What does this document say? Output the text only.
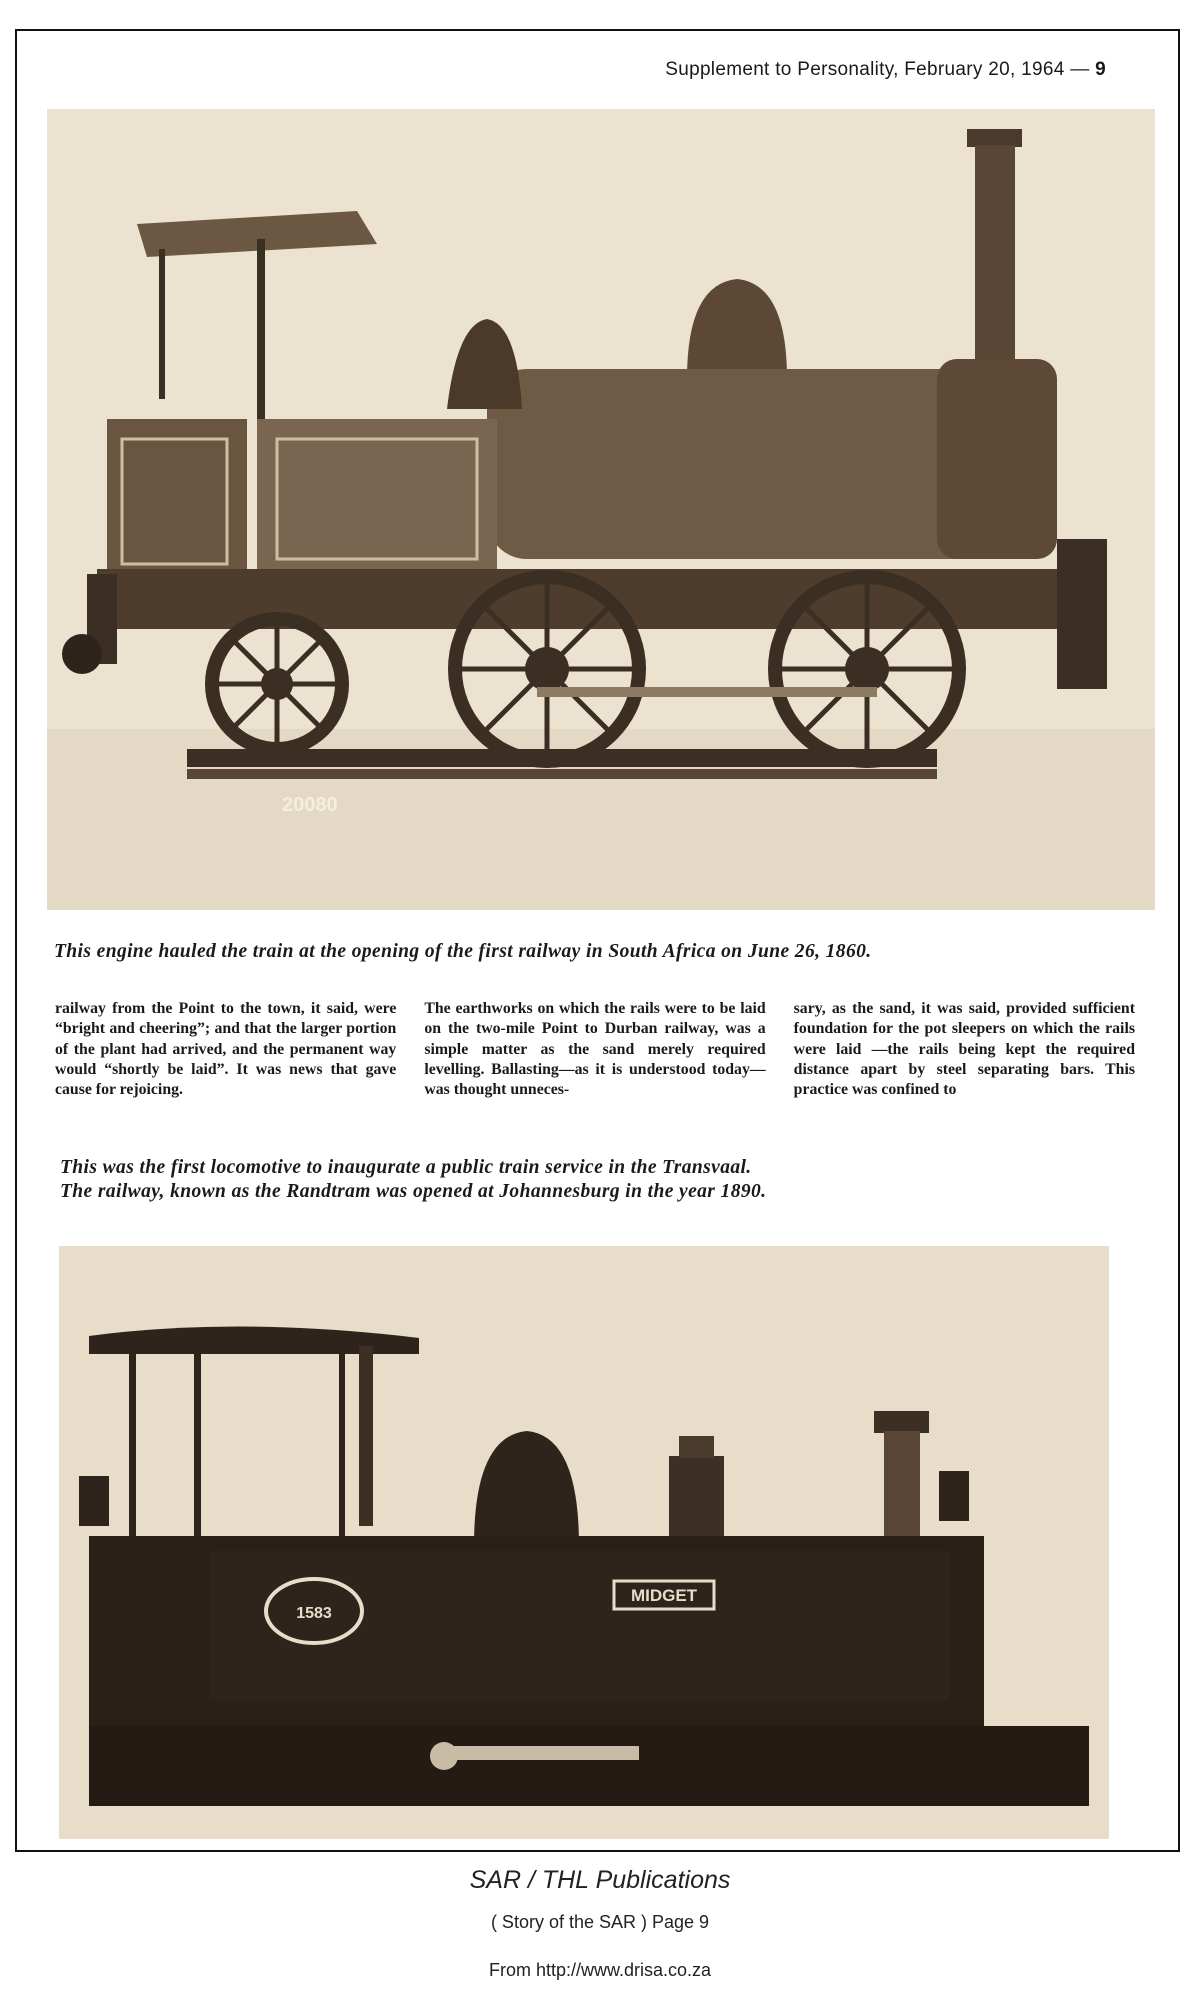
Supplement to Personality, February 20, 1964 — 9
20080
This engine hauled the train at the opening of the first railway in South Africa on June 26, 1860.
railway from the Point to the town, it said, were “bright and cheering”; and that the larger portion of the plant had arrived, and the permanent way would “shortly be laid”. It was news that gave cause for rejoicing.
The earthworks on which the rails were to be laid on the two-mile Point to Durban railway, was a simple matter as the sand merely required levelling. Ballasting—as it is understood today—was thought unneces-
sary, as the sand, it was said, provided sufficient foundation for the pot sleepers on which the rails were laid —the rails being kept the required distance apart by steel separating bars. This practice was confined to
This was the first locomotive to inaugurate a public train service in the Transvaal.
The railway, known as the Randtram was opened at Johannesburg in the year 1890.
1583
MIDGET
M.W 1583
SAR / THL Publications
( Story of the SAR ) Page 9
From http://www.drisa.co.za
